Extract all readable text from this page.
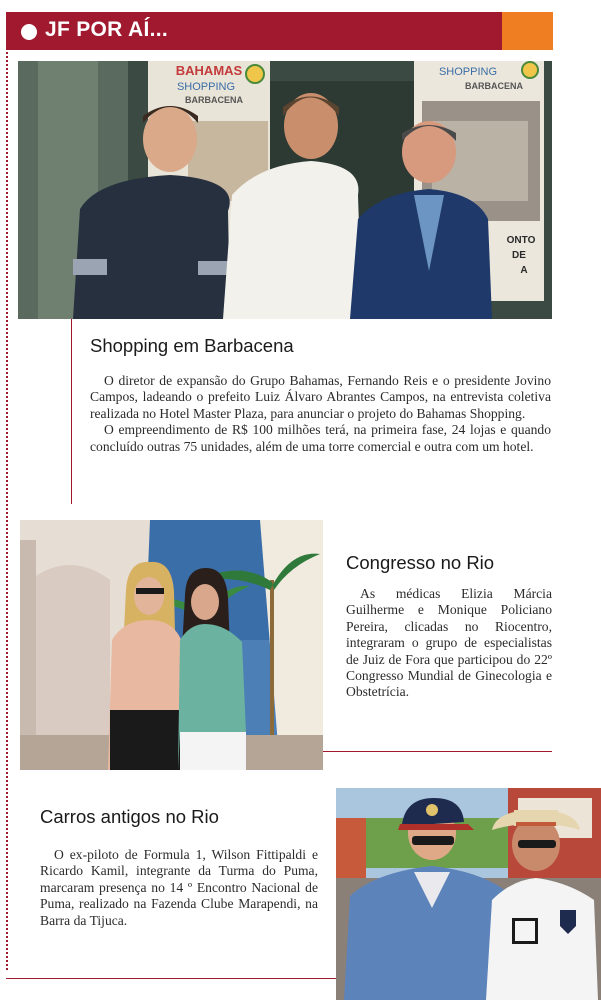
JF POR AÍ...
BAHAMAS
SHOPPING
BARBACENA
SHOPPING
BARBACENA
ONTO
DE
A
Shopping em Barbacena

O diretor de expansão do Grupo Bahamas, Fernando Reis e o presidente Jovino Campos, ladeando o prefeito Luiz Álvaro Abrantes Campos, na entrevista coletiva realizada no Hotel Master Plaza, para anunciar o projeto do Bahamas Shopping.

O empreendimento de R$ 100 milhões terá, na primeira fase, 24 lojas e quando concluído outras 75 unidades, além de uma torre comercial e outra com um hotel.

Congresso no Rio

As médicas Elizia Márcia Guilherme e Monique Policiano Pereira, clicadas no Riocentro, integraram o grupo de especialistas de Juiz de Fora que participou do 22º Congresso Mundial de Ginecologia e Obstetrícia.

Carros antigos no Rio

O ex-piloto de Formula 1, Wilson Fittipaldi e Ricardo Kamil, integrante da Turma do Puma, marcaram presença no 14 º Encontro Nacional de Puma, realizado na Fazenda Clube Marapendi, na Barra da Tijuca.
